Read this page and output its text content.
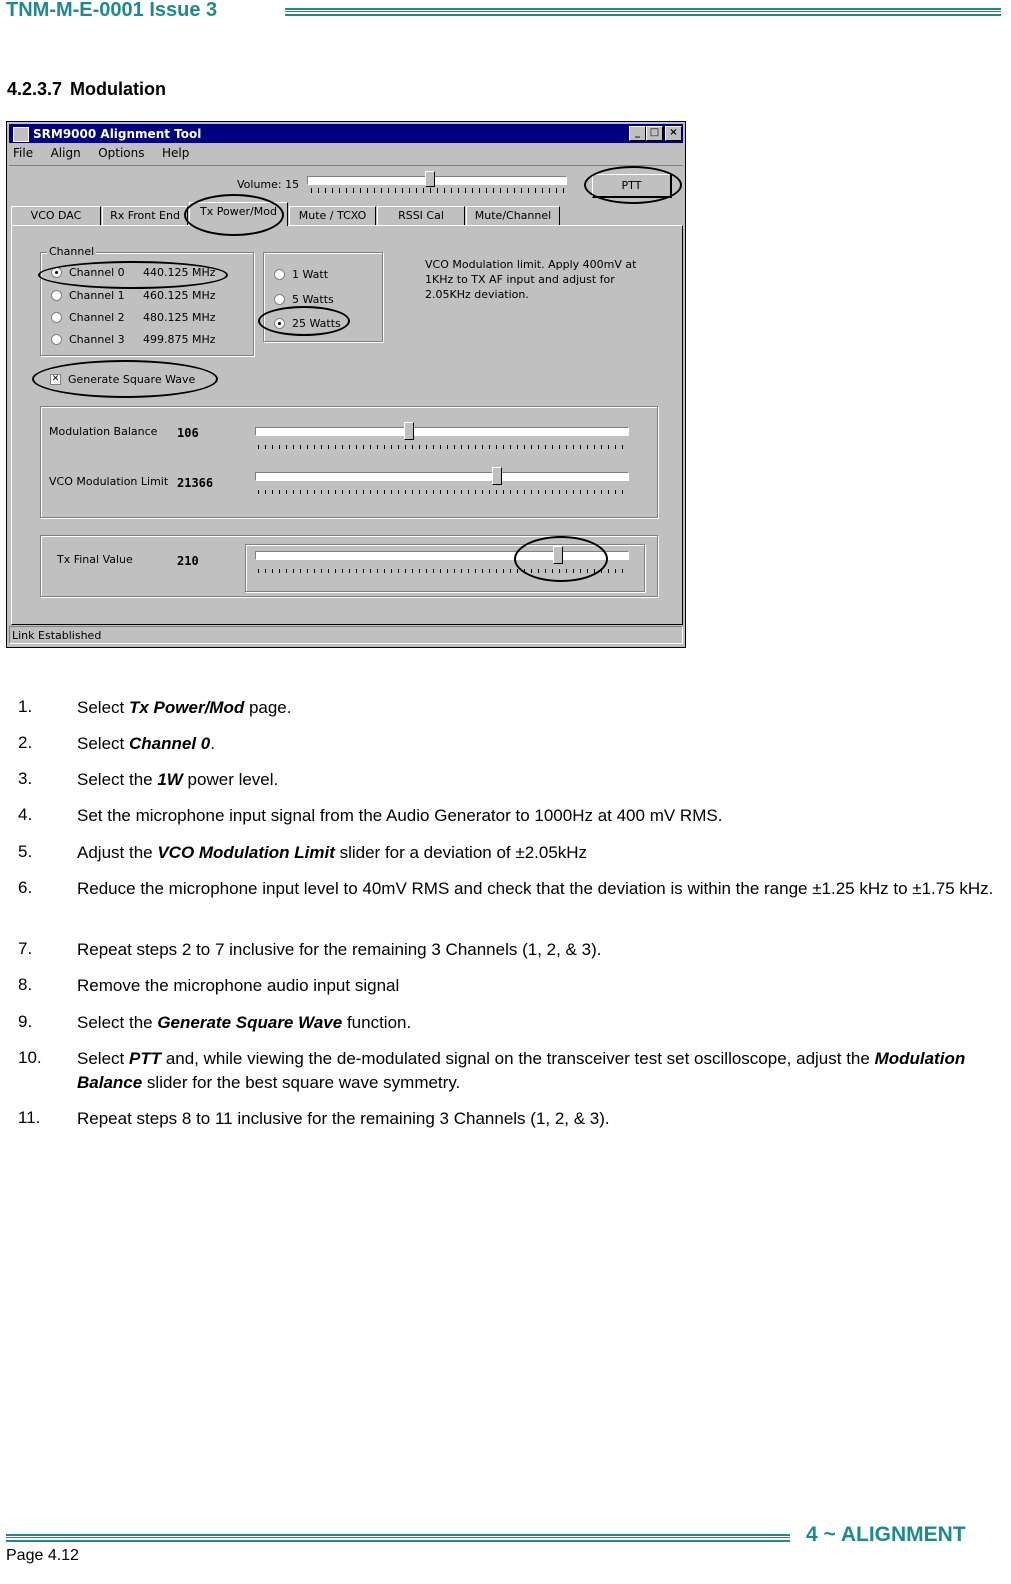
TNM-M-E-0001 Issue 3
4.2.3.7 Modulation
SRM9000 Alignment Tool	_ □	×
File Align Options Help
Volume: 15	PTT
VCO DAC	Rx Front End	Tx Power/Mod	Mute / TCXO	RSSI Cal	Mute/Channel
Channel
Channel 0 440.125 MHz
Channel 1 460.125 MHz
Channel 2 480.125 MHz
Channel 3 499.875 MHz
1 Watt
5 Watts
25 Watts
VCO Modulation limit. Apply 400mV at
1KHz to TX AF input and adjust for
2.05KHz deviation.
✕ Generate Square Wave
Modulation Balance 106
VCO Modulation Limit 21366
Tx Final Value	210
Link Established
1.	Select Tx Power/Mod page.
2.	Select Channel 0.
3.	Select the 1W power level.
4.	Set the microphone input signal from the Audio Generator to 1000Hz at 400 mV RMS.
5.	Adjust the VCO Modulation Limit slider for a deviation of ±2.05kHz
6.	Reduce the microphone input level to 40mV RMS and check that the deviation is within the range ±1.25 kHz to ±1.75 kHz.
7.	Repeat steps 2 to 7 inclusive for the remaining 3 Channels (1, 2, & 3).
8.	Remove the microphone audio input signal
9.	Select the Generate Square Wave function.
10. Select PTT and, while viewing the de-modulated signal on the transceiver test set oscilloscope, adjust the Modulation Balance slider for the best square wave symmetry.
11. Repeat steps 8 to 11 inclusive for the remaining 3 Channels (1, 2, & 3).
4 ~ ALIGNMENT
Page 4.12
